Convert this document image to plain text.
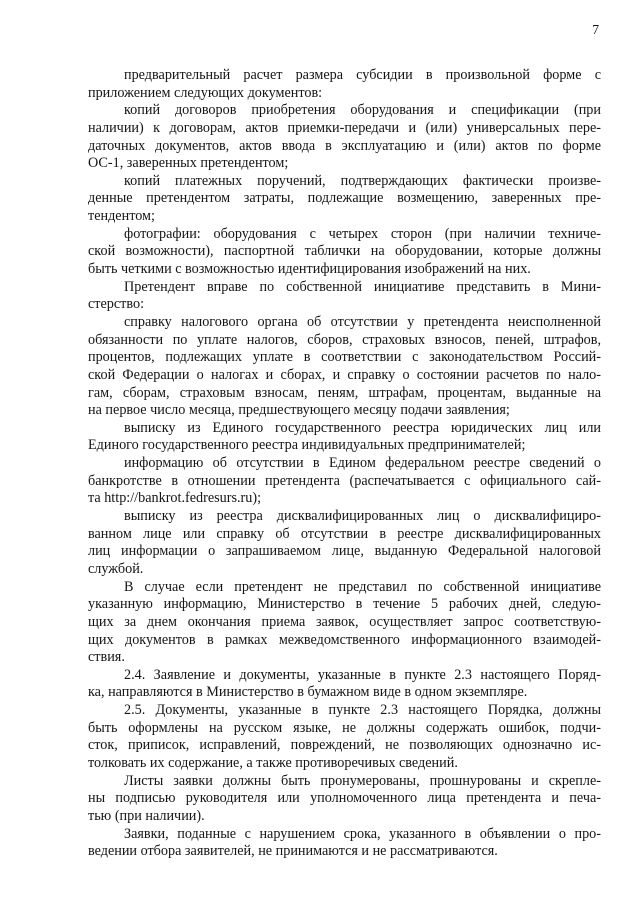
7
предварительный расчет размера субсидии в произвольной форме с
приложением следующих документов:
копий договоров приобретения оборудования и спецификации (при
наличии) к договорам, актов приемки-передачи и (или) универсальных пере-
даточных документов, актов ввода в эксплуатацию и (или) актов по форме
ОС-1, заверенных претендентом;
копий платежных поручений, подтверждающих фактически произве-
денные претендентом затраты, подлежащие возмещению, заверенных пре-
тендентом;
фотографии: оборудования с четырех сторон (при наличии техниче-
ской возможности), паспортной таблички на оборудовании, которые должны
быть четкими с возможностью идентифицирования изображений на них.
Претендент вправе по собственной инициативе представить в Мини-
стерство:
справку налогового органа об отсутствии у претендента неисполненной
обязанности по уплате налогов, сборов, страховых взносов, пеней, штрафов,
процентов, подлежащих уплате в соответствии с законодательством Россий-
ской Федерации о налогах и сборах, и справку о состоянии расчетов по нало-
гам, сборам, страховым взносам, пеням, штрафам, процентам, выданные на
на первое число месяца, предшествующего месяцу подачи заявления;
выписку из Единого государственного реестра юридических лиц или
Единого государственного реестра индивидуальных предпринимателей;
информацию об отсутствии в Едином федеральном реестре сведений о
банкротстве в отношении претендента (распечатывается с официального сай-
та http://bankrot.fedresurs.ru);
выписку из реестра дисквалифицированных лиц о дисквалифициро-
ванном лице или справку об отсутствии в реестре дисквалифицированных
лиц информации о запрашиваемом лице, выданную Федеральной налоговой
службой.
В случае если претендент не представил по собственной инициативе
указанную информацию, Министерство в течение 5 рабочих дней, следую-
щих за днем окончания приема заявок, осуществляет запрос соответствую-
щих документов в рамках межведомственного информационного взаимодей-
ствия.
2.4. Заявление и документы, указанные в пункте 2.3 настоящего Поряд-
ка, направляются в Министерство в бумажном виде в одном экземпляре.
2.5. Документы, указанные в пункте 2.3 настоящего Порядка, должны
быть оформлены на русском языке, не должны содержать ошибок, подчи-
сток, приписок, исправлений, повреждений, не позволяющих однозначно ис-
толковать их содержание, а также противоречивых сведений.
Листы заявки должны быть пронумерованы, прошнурованы и скрепле-
ны подписью руководителя или уполномоченного лица претендента и печа-
тью (при наличии).
Заявки, поданные с нарушением срока, указанного в объявлении о про-
ведении отбора заявителей, не принимаются и не рассматриваются.
